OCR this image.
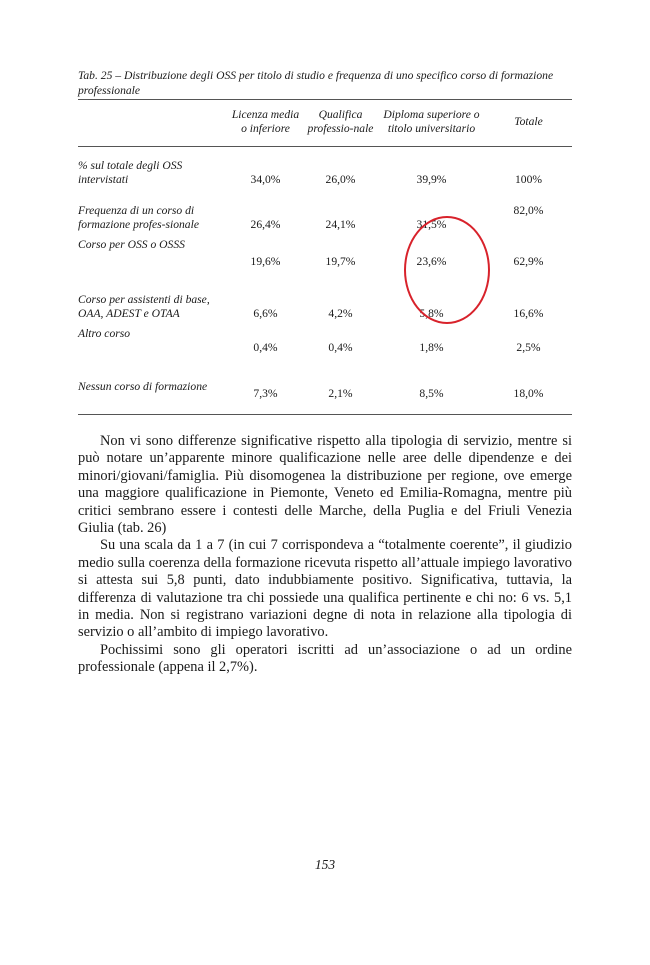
Tab. 25 – Distribuzione degli OSS per titolo di studio e frequenza di uno specifico corso di formazione professionale

	Licenza media o inferiore	Qualifica professio-nale	Diploma superiore o titolo universitario	Totale
% sul totale degli OSS intervistati	34,0%	26,0%	39,9%	100%
Frequenza di un corso di formazione profes-sionale	26,4%	24,1%	31,5%	82,0%
Corso per OSS o OSSS	19,6%	19,7%	23,6%	62,9%
Corso per assistenti di base, OAA, ADEST e OTAA	6,6%	4,2%	5,8%	16,6%
Altro corso	0,4%	0,4%	1,8%	2,5%
Nessun corso di formazione	7,3%	2,1%	8,5%	18,0%

Non vi sono differenze significative rispetto alla tipologia di servizio, mentre si può notare un’apparente minore qualificazione nelle aree delle dipendenze e dei minori/giovani/famiglia. Più disomogenea la distribuzione per regione, ove emerge una maggiore qualificazione in Piemonte, Veneto ed Emilia-Romagna, mentre più critici sembrano essere i contesti delle Marche, della Puglia e del Friuli Venezia Giulia (tab. 26)

Su una scala da 1 a 7 (in cui 7 corrispondeva a “totalmente coerente”, il giudizio medio sulla coerenza della formazione ricevuta rispetto all’attuale impiego lavorativo si attesta sui 5,8 punti, dato indubbiamente positivo. Significativa, tuttavia, la differenza di valutazione tra chi possiede una qualifica pertinente e chi no: 6 vs. 5,1 in media. Non si registrano variazioni degne di nota in relazione alla tipologia di servizio o all’ambito di impiego lavorativo.

Pochissimi sono gli operatori iscritti ad un’associazione o ad un ordine professionale (appena il 2,7%).

153
